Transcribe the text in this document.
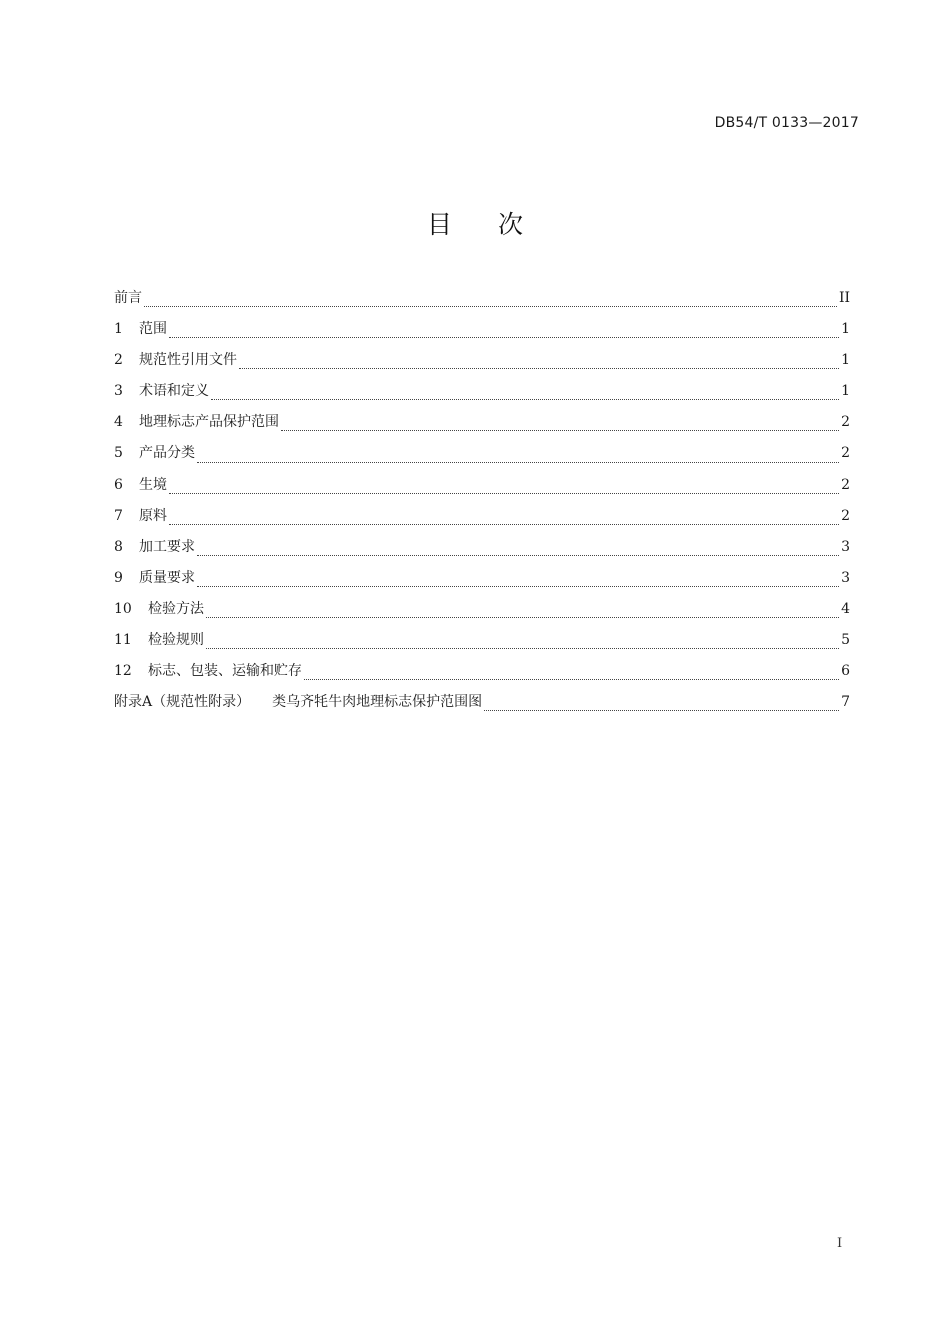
DB54/T 0133—2017
目 次
前言	II
1	范围	1
2	规范性引用文件	1
3	术语和定义	1
4	地理标志产品保护范围	2
5	产品分类	2
6	生境	2
7	原料	2
8	加工要求	3
9	质量要求	3
10	检验方法	4
11	检验规则	5
12	标志、包装、运输和贮存	6
附录A（规范性附录） 类乌齐牦牛肉地理标志保护范围图	7
I
